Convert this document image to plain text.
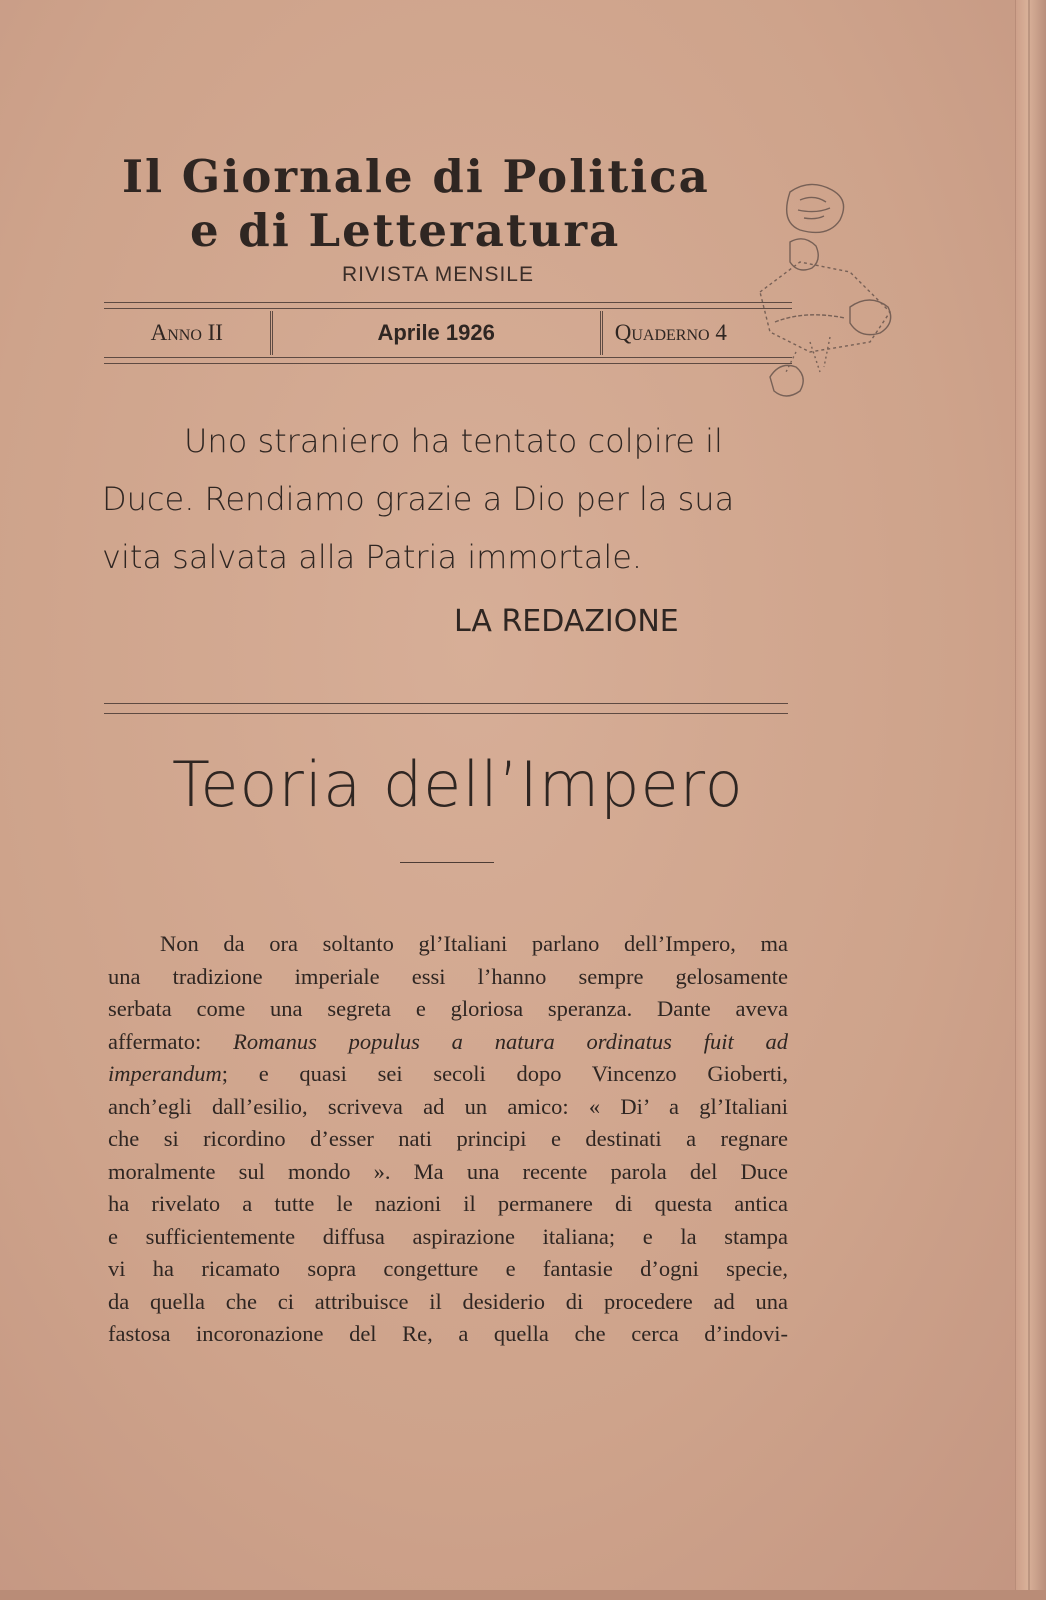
Il Giornale di Politica
e di Letteratura
RIVISTA MENSILE
Anno II	Aprile 1926	Quaderno 4
Uno straniero ha tentato colpire il
Duce. Rendiamo grazie a Dio per la sua
vita salvata alla Patria immortale.
LA REDAZIONE
Teoria dell’Impero
Non da ora soltanto gl’Italiani parlano dell’Impero, ma
una tradizione imperiale essi l’hanno sempre gelosamente
serbata come una segreta e gloriosa speranza. Dante aveva
affermato: Romanus populus a natura ordinatus fuit ad
imperandum; e quasi sei secoli dopo Vincenzo Gioberti,
anch’egli dall’esilio, scriveva ad un amico: « Di’ a gl’Italiani
che si ricordino d’esser nati principi e destinati a regnare
moralmente sul mondo ». Ma una recente parola del Duce
ha rivelato a tutte le nazioni il permanere di questa antica
e sufficientemente diffusa aspirazione italiana; e la stampa
vi ha ricamato sopra congetture e fantasie d’ogni specie,
da quella che ci attribuisce il desiderio di procedere ad una
fastosa incoronazione del Re, a quella che cerca d’indovi-
